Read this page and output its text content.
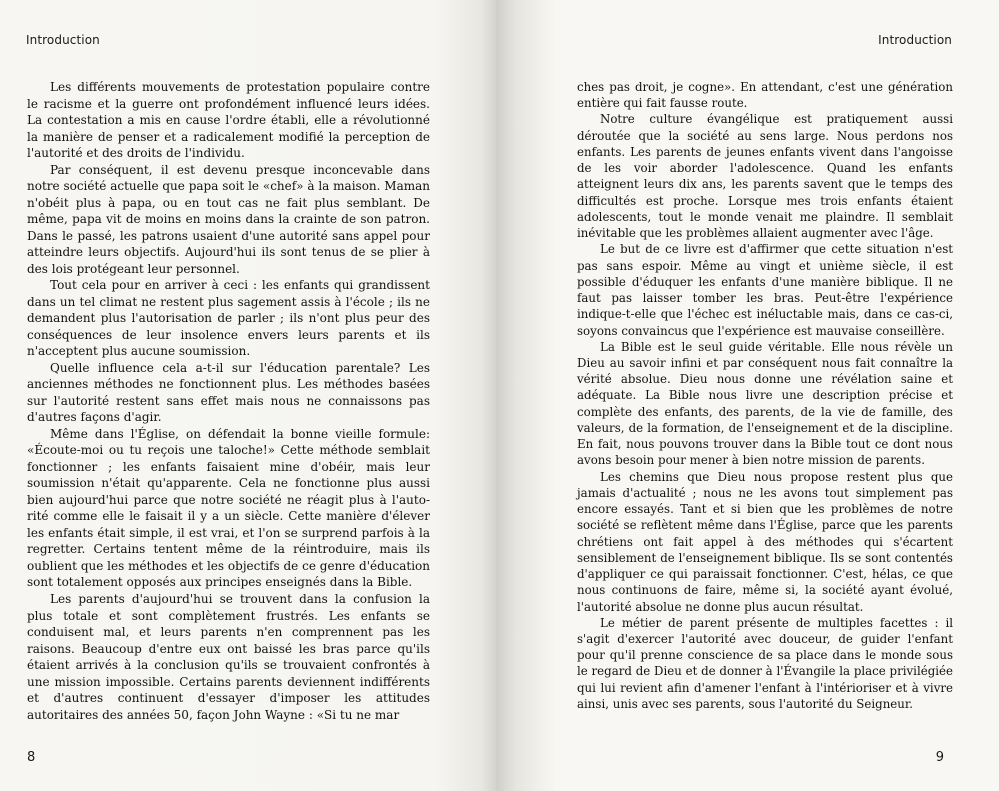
Introduction

Les différents mouvements de protestation populaire contre le racisme et la guerre ont profondément influencé leurs idées. La contestation a mis en cause l'ordre établi, elle a révolutionné la manière de penser et a radicalement modifié la perception de l'autorité et des droits de l'individu.

Par conséquent, il est devenu presque inconcevable dans notre société actuelle que papa soit le «chef» à la maison. Maman n'obéit plus à papa, ou en tout cas ne fait plus semblant. De même, papa vit de moins en moins dans la crainte de son patron. Dans le passé, les patrons usaient d'une autorité sans appel pour atteindre leurs objectifs. Aujourd'hui ils sont tenus de se plier à des lois protégeant leur personnel.

Tout cela pour en arriver à ceci : les enfants qui grandissent dans un tel climat ne restent plus sagement assis à l'école ; ils ne demandent plus l'autorisation de parler ; ils n'ont plus peur des conséquences de leur insolence envers leurs parents et ils n'acceptent plus aucune soumission.

Quelle influence cela a-t-il sur l'éducation parentale? Les anciennes méthodes ne fonctionnent plus. Les méthodes basées sur l'autorité restent sans effet mais nous ne connaissons pas d'autres façons d'agir.

Même dans l'Église, on défendait la bonne vieille formule: «Écoute-moi ou tu reçois une taloche!» Cette méthode semblait fonctionner ; les enfants faisaient mine d'obéir, mais leur soumission n'était qu'apparente. Cela ne fonctionne plus aussi bien aujourd'hui parce que notre société ne réagit plus à l'autorité comme elle le faisait il y a un siècle. Cette manière d'élever les enfants était simple, il est vrai, et l'on se surprend parfois à la regretter. Certains tentent même de la réintroduire, mais ils oublient que les méthodes et les objectifs de ce genre d'éducation sont totalement opposés aux principes enseignés dans la Bible.

Les parents d'aujourd'hui se trouvent dans la confusion la plus totale et sont complètement frustrés. Les enfants se conduisent mal, et leurs parents n'en comprennent pas les raisons. Beaucoup d'entre eux ont baissé les bras parce qu'ils étaient arrivés à la conclusion qu'ils se trouvaient confrontés à une mission impossible. Certains parents deviennent indifférents et d'autres continuent d'essayer d'imposer les attitudes autoritaires des années 50, façon John Wayne : «Si tu ne mar

8
Introduction

ches pas droit, je cogne». En attendant, c'est une génération entière qui fait fausse route.

Notre culture évangélique est pratiquement aussi déroutée que la société au sens large. Nous perdons nos enfants. Les parents de jeunes enfants vivent dans l'angoisse de les voir aborder l'adolescence. Quand les enfants atteignent leurs dix ans, les parents savent que le temps des difficultés est proche. Lorsque mes trois enfants étaient adolescents, tout le monde venait me plaindre. Il semblait inévitable que les problèmes allaient augmenter avec l'âge.

Le but de ce livre est d'affirmer que cette situation n'est pas sans espoir. Même au vingt et unième siècle, il est possible d'éduquer les enfants d'une manière biblique. Il ne faut pas laisser tomber les bras. Peut-être l'expérience indique-t-elle que l'échec est inéluctable mais, dans ce cas-ci, soyons convaincus que l'expérience est mauvaise conseillère.

La Bible est le seul guide véritable. Elle nous révèle un Dieu au savoir infini et par conséquent nous fait connaître la vérité absolue. Dieu nous donne une révélation saine et adéquate. La Bible nous livre une description précise et complète des enfants, des parents, de la vie de famille, des valeurs, de la formation, de l'enseignement et de la discipline. En fait, nous pouvons trouver dans la Bible tout ce dont nous avons besoin pour mener à bien notre mission de parents.

Les chemins que Dieu nous propose restent plus que jamais d'actualité ; nous ne les avons tout simplement pas encore essayés. Tant et si bien que les problèmes de notre société se reflètent même dans l'Église, parce que les parents chrétiens ont fait appel à des méthodes qui s'écartent sensiblement de l'enseignement biblique. Ils se sont contentés d'appliquer ce qui paraissait fonctionner. C'est, hélas, ce que nous continuons de faire, même si, la société ayant évolué, l'autorité absolue ne donne plus aucun résultat.

Le métier de parent présente de multiples facettes : il s'agit d'exercer l'autorité avec douceur, de guider l'enfant pour qu'il prenne conscience de sa place dans le monde sous le regard de Dieu et de donner à l'Évangile la place privilégiée qui lui revient afin d'amener l'enfant à l'intérioriser et à vivre ainsi, unis avec ses parents, sous l'autorité du Seigneur.

9
